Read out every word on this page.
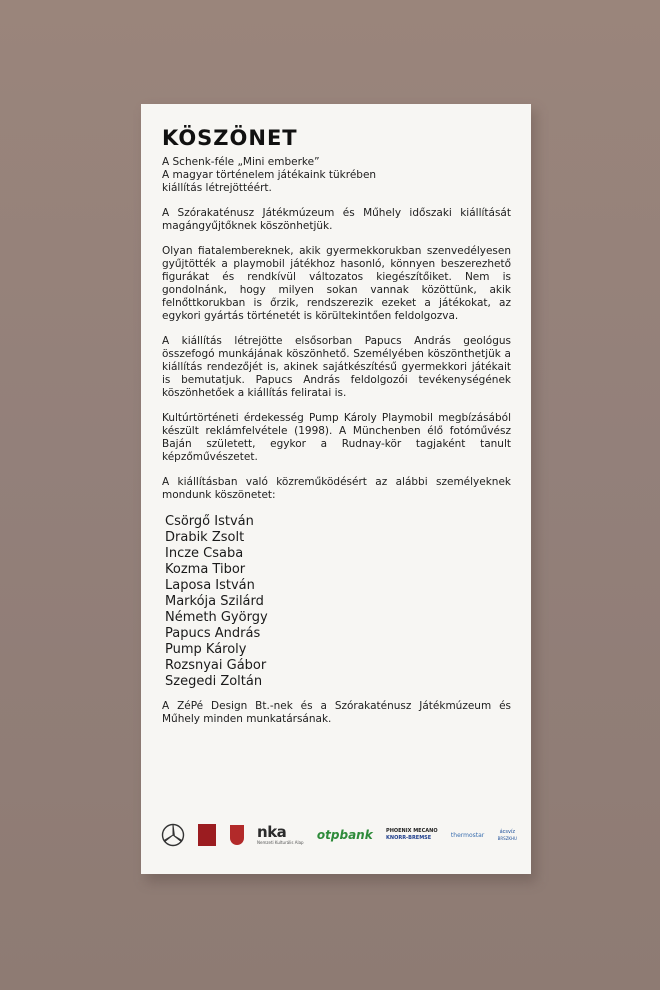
KÖSZÖNET

A Schenk-féle „Mini emberke”
A magyar történelem játékaink tükrében
kiállítás létrejöttéért.

A Szórakaténusz Játékmúzeum és Műhely időszaki kiállítását magángyűjtőknek köszönhetjük.

Olyan fiatalembereknek, akik gyermekkorukban szenvedélyesen gyűjtötték a playmobil játékhoz hasonló, könnyen beszerezhető figurákat és rendkívül változatos kiegészítőiket. Nem is gondolnánk, hogy milyen sokan vannak közöttünk, akik felnőttkorukban is őrzik, rendszerezik ezeket a játékokat, az egykori gyártás történetét is körültekintően feldolgozva.

A kiállítás létrejötte elsősorban Papucs András geológus összefogó munkájának köszönhető. Személyében köszönthetjük a kiállítás rendezőjét is, akinek sajátkészítésű gyermekkori játékait is bemutatjuk. Papucs András feldolgozói tevékenységének köszönhetőek a kiállítás feliratai is.

Kultúrtörténeti érdekesség Pump Károly Playmobil megbízásából készült reklámfelvétele (1998). A Münchenben élő fotóművész Baján született, egykor a Rudnay-kör tagjaként tanult képzőművészetet.

A kiállításban való közreműködésért az alábbi személyeknek mondunk köszönetet:

Csörgő István
Drabik Zsolt
Incze Csaba
Kozma Tibor
Laposa István
Markója Szilárd
Németh György
Papucs András
Pump Károly
Rozsnyai Gábor
Szegedi Zoltán

A ZéPé Design Bt.-nek és a Szórakaténusz Játékmúzeum és Műhely minden munkatársának.

nka
Nemzeti Kulturális Alap
otpbank	PHOENIX MECANO
KNORR-BREMSE	thermostar	ácsvíz
BRSZKHU
